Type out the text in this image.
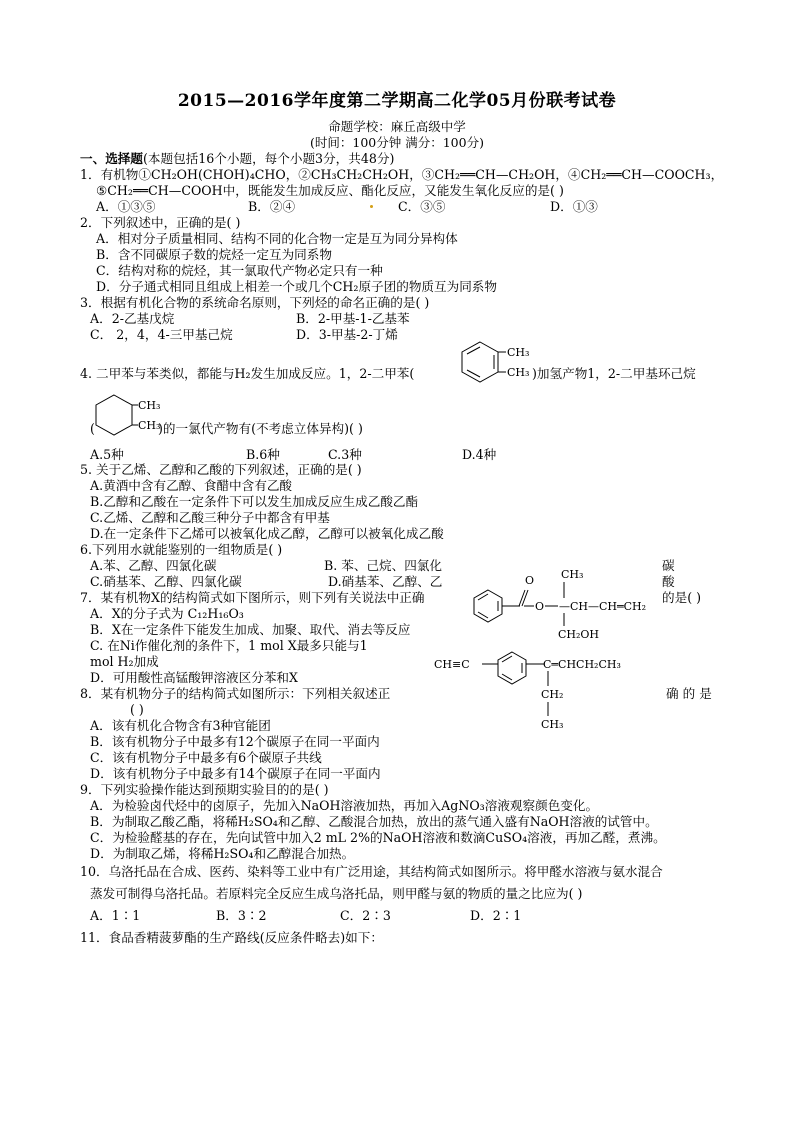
2015—2016学年度第二学期高二化学05月份联考试卷
命题学校：麻丘高级中学
(时间：100分钟 满分：100分)
一、选择题(本题包括16个小题，每个小题3分，共48分)
1．有机物①CH₂OH(CHOH)₄CHO，②CH₃CH₂CH₂OH，③CH₂══CH—CH₂OH，④CH₂══CH—COOCH₃，
⑤CH₂══CH—COOH中，既能发生加成反应、酯化反应，又能发生氧化反应的是( )
A．①③⑤	B．②④	C．③⑤	D．①③
2．下列叙述中，正确的是( )
A．相对分子质量相同、结构不同的化合物一定是互为同分异构体
B．含不同碳原子数的烷烃一定互为同系物
C．结构对称的烷烃，其一氯取代产物必定只有一种
D．分子通式相同且组成上相差一个或几个CH₂原子团的物质互为同系物
3．根据有机化合物的系统命名原则，下列烃的命名正确的是( )
A．2-乙基戊烷	B．2-甲基-1-乙基苯
C． 2，4，4-三甲基己烷	D．3-甲基-2-丁烯
CH₃
CH₃
4. 二甲苯与苯类似，都能与H₂发生加成反应。1，2-二甲苯(	)加氢产物1，2-二甲基环己烷
CH₃
CH₃
(	)的一氯代产物有(不考虑立体异构)( )
A.5种	B.6种	C.3种	D.4种
5. 关于乙烯、乙醇和乙酸的下列叙述，正确的是( )
A.黄酒中含有乙醇、食醋中含有乙酸
B.乙醇和乙酸在一定条件下可以发生加成反应生成乙酸乙酯
C.乙烯、乙醇和乙酸三种分子中都含有甲基
D.在一定条件下乙烯可以被氧化成乙醇，乙醇可以被氧化成乙酸
6.下列用水就能鉴别的一组物质是( )
A.苯、乙醇、四氯化碳	B. 苯、己烷、四氯化	碳
C.硝基苯、乙醇、四氯化碳	D.硝基苯、乙醇、乙	酸
O
O
CH₃
—CH—CH═CH₂
CH₂OH
7．某有机物X的结构简式如下图所示，则下列有关说法中正确	的是( )
A．X的分子式为 C₁₂H₁₆O₃
B．X在一定条件下能发生加成、加聚、取代、消去等反应
C. 在Ni作催化剂的条件下，1 mol X最多只能与1
mol H₂加成
D．可用酸性高锰酸钾溶液区分苯和X
CH≡C	C═CHCH₂CH₃
CH₂
CH₃
8．某有机物分子的结构简式如图所示：下列相关叙述正	确 的 是
( )
A．该有机化合物含有3种官能团
B．该有机物分子中最多有12个碳原子在同一平面内
C．该有机物分子中最多有6个碳原子共线
D．该有机物分子中最多有14个碳原子在同一平面内
9．下列实验操作能达到预期实验目的的是( )
A．为检验卤代烃中的卤原子，先加入NaOH溶液加热，再加入AgNO₃溶液观察颜色变化。
B．为制取乙酸乙酯，将稀H₂SO₄和乙醇、乙酸混合加热，放出的蒸气通入盛有NaOH溶液的试管中。
C．为检验醛基的存在，先向试管中加入2 mL 2%的NaOH溶液和数滴CuSO₄溶液，再加乙醛，煮沸。
D．为制取乙烯，将稀H₂SO₄和乙醇混合加热。
10．乌洛托品在合成、医药、染料等工业中有广泛用途，其结构简式如图所示。将甲醛水溶液与氨水混合
蒸发可制得乌洛托品。若原料完全反应生成乌洛托品，则甲醛与氨的物质的量之比应为( )
A．1∶1	B．3∶2	C．2∶3	D．2∶1
11．食品香精菠萝酯的生产路线(反应条件略去)如下：
